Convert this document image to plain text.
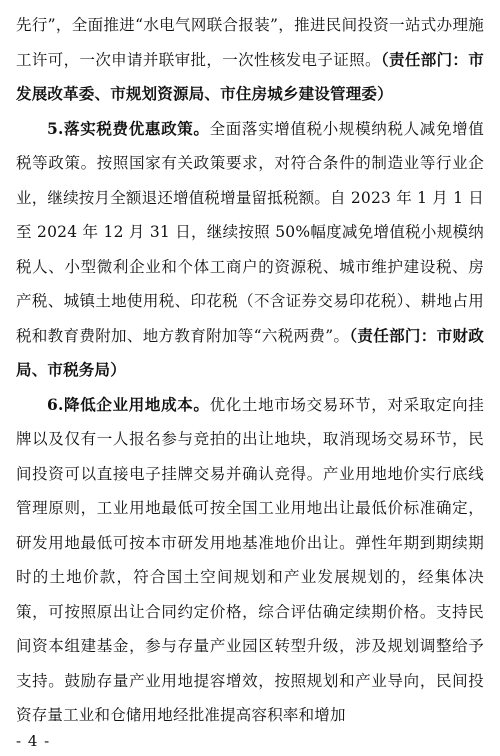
先行”，全面推进“水电气网联合报装”，推进民间投资一站式办理施工许可，一次申请并联审批，一次性核发电子证照。（责任部门：市发展改革委、市规划资源局、市住房城乡建设管理委）

5.落实税费优惠政策。全面落实增值税小规模纳税人减免增值税等政策。按照国家有关政策要求，对符合条件的制造业等行业企业，继续按月全额退还增值税增量留抵税额。自 2023 年 1 月 1 日至 2024 年 12 月 31 日，继续按照 50%幅度减免增值税小规模纳税人、小型微利企业和个体工商户的资源税、城市维护建设税、房产税、城镇土地使用税、印花税（不含证券交易印花税）、耕地占用税和教育费附加、地方教育附加等“六税两费”。（责任部门：市财政局、市税务局）

6.降低企业用地成本。优化土地市场交易环节，对采取定向挂牌以及仅有一人报名参与竞拍的出让地块，取消现场交易环节，民间投资可以直接电子挂牌交易并确认竞得。产业用地地价实行底线管理原则，工业用地最低可按全国工业用地出让最低价标准确定，研发用地最低可按本市研发用地基准地价出让。弹性年期到期续期时的土地价款，符合国土空间规划和产业发展规划的，经集体决策，可按照原出让合同约定价格，综合评估确定续期价格。支持民间资本组建基金，参与存量产业园区转型升级，涉及规划调整给予支持。鼓励存量产业用地提容增效，按照规划和产业导向，民间投资存量工业和仓储用地经批准提高容积率和增加

- 4 -
